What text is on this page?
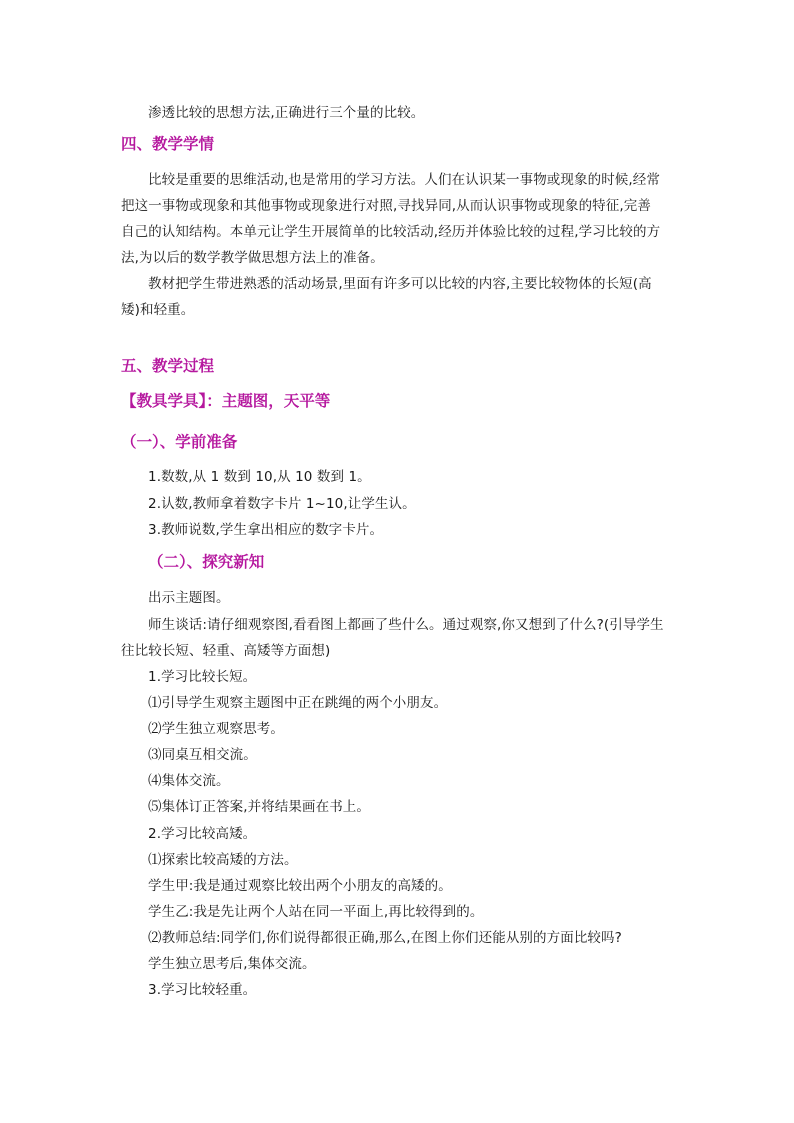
渗透比较的思想方法,正确进行三个量的比较。

四、教学学情

比较是重要的思维活动,也是常用的学习方法。人们在认识某一事物或现象的时候,经常

把这一事物或现象和其他事物或现象进行对照,寻找异同,从而认识事物或现象的特征,完善

自己的认知结构。本单元让学生开展简单的比较活动,经历并体验比较的过程,学习比较的方

法,为以后的数学教学做思想方法上的准备。

教材把学生带进熟悉的活动场景,里面有许多可以比较的内容,主要比较物体的长短(高

矮)和轻重。

五、教学过程

【教具学具】：主题图，天平等

（一）、学前准备

1.数数,从 1 数到 10,从 10 数到 1。

2.认数,教师拿着数字卡片 1~10,让学生认。

3.教师说数,学生拿出相应的数字卡片。

（二）、探究新知

出示主题图。

师生谈话:请仔细观察图,看看图上都画了些什么。通过观察,你又想到了什么?(引导学生

往比较长短、轻重、高矮等方面想)

1.学习比较长短。

⑴引导学生观察主题图中正在跳绳的两个小朋友。

⑵学生独立观察思考。

⑶同桌互相交流。

⑷集体交流。

⑸集体订正答案,并将结果画在书上。

2.学习比较高矮。

⑴探索比较高矮的方法。

学生甲:我是通过观察比较出两个小朋友的高矮的。

学生乙:我是先让两个人站在同一平面上,再比较得到的。

⑵教师总结:同学们,你们说得都很正确,那么,在图上你们还能从别的方面比较吗?

学生独立思考后,集体交流。

3.学习比较轻重。
